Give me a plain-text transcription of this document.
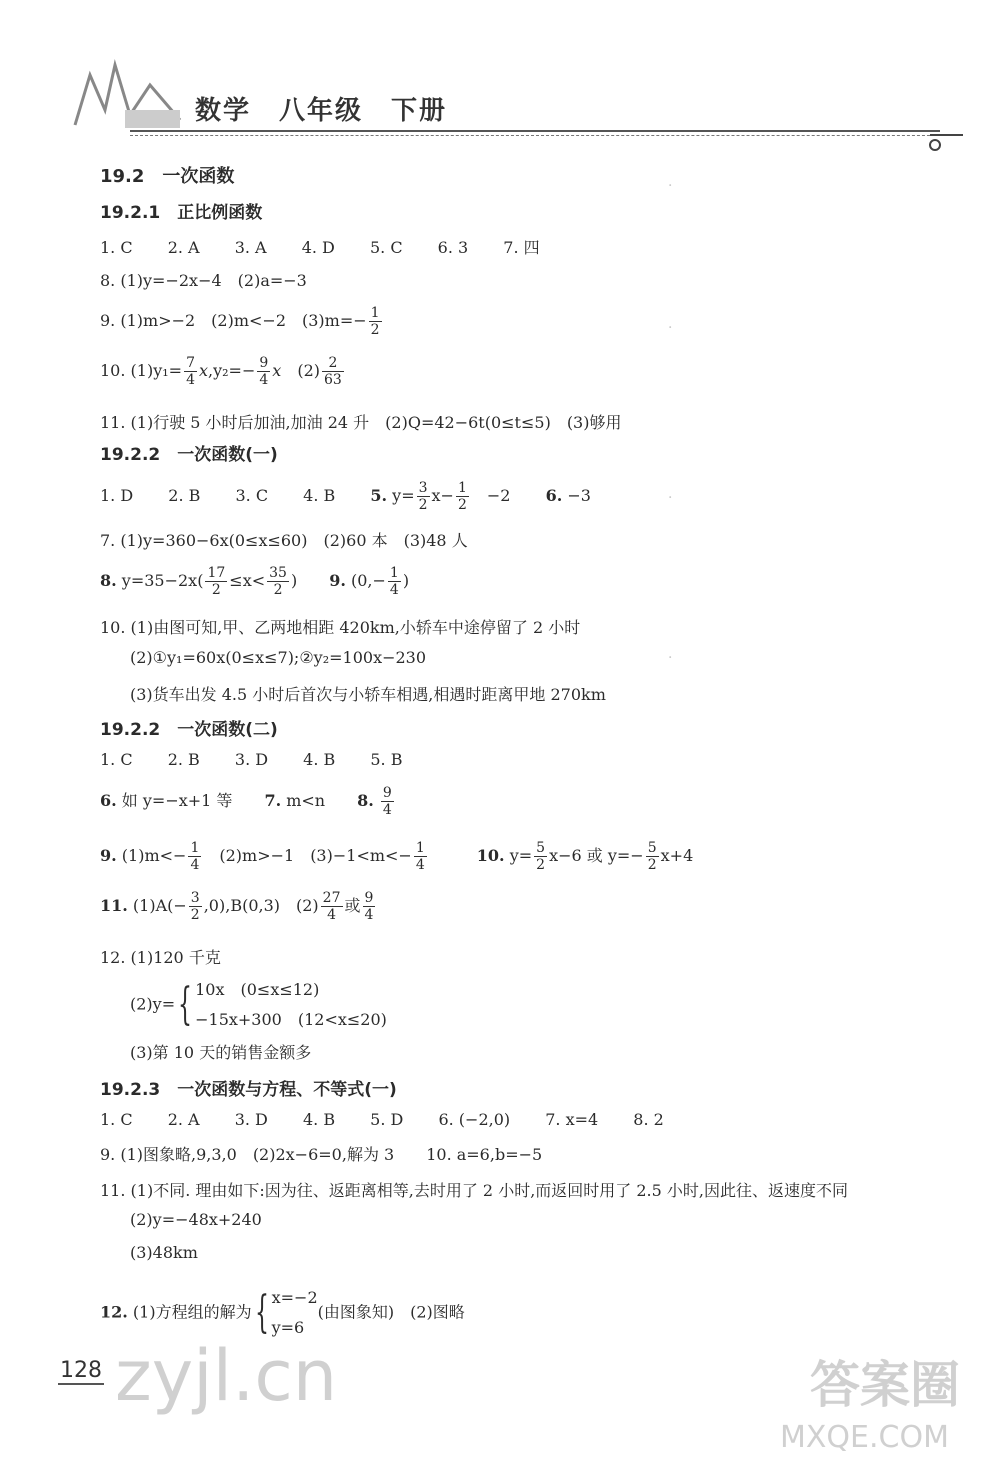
数学　八年级　下册
19.2　一次函数
19.2.1　正比例函数
1. C 2. A 3. A 4. D 5. C 6. 3 7. 四
8. (1)y=−2x−4　(2)a=−3
9. (1)m>−2　(2)m<−2　$(3)m=- \frac{1}{2}$
10. $(1)y_1= \frac{7}{4} x,y_2=- \frac{9}{4}$ x　$(2) \frac{2}{63}$
11. (1)行驶 5 小时后加油,加油 24 升　(2)Q=42−6t(0≤t≤5)　(3)够用
19.2.2　一次函数(一)
1. D 2. B 3. C 4. B 5. $y= \frac{3}{2} x- \frac{1}{2}$ 　−2 6. −3
7. (1)y=360−6x(0≤x≤60)　(2)60 本　(3)48 人
8. $y=35-2x( \frac{17}{2} \le x< \frac{35}{2}$ )　　9. ($0,- \frac{1}{4}$ )
10. (1)由图可知,甲、乙两地相距 420km,小轿车中途停留了 2 小时
(2)①y₁=60x(0≤x≤7);②y₂=100x−230
(3)货车出发 4.5 小时后首次与小轿车相遇,相遇时距离甲地 270km
19.2.2　一次函数(二)
1. C 2. B 3. D 4. B 5. B
6. 如 y=−x+1 等　　7. m<n　　8. $\frac{9}{4}$
9. $(1)m<- \frac{1}{4}$ 　(2)m>−1　$(3)-1<m<- \frac{1}{4}$
　　　	10. $y= \frac{5}{2} x-6$ 或 $y=- \frac{5}{2} x+4$
11. $(1)A(- \frac{3}{2} ,0),B(0,3)$　$(2) \frac{27}{4}$ 或 $\frac{9}{4}$
12. (1)120 千克
(2)y={ 10x　(0≤x≤12)
−15x+300　(12<x≤20)
(3)第 10 天的销售金额多
19.2.3　一次函数与方程、不等式(一)
1. C 2. A 3. D 4. B 5. D 6. (−2,0) 7. x=4 8. 2
9. (1)图象略,9,3,0　(2)2x−6=0,解为 3　　10. a=6,b=−5
11. (1)不同. 理由如下:因为往、返距离相等,去时用了 2 小时,而返回时用了 2.5 小时,因此往、返速度不同
(2)y=−48x+240
(3)48km
12. (1)方程组的解为{ x=−2
y=6
(由图象知)　(2)图略
128 zyjl.cn	答案圈
MXQE.COM
·
·
·
·
